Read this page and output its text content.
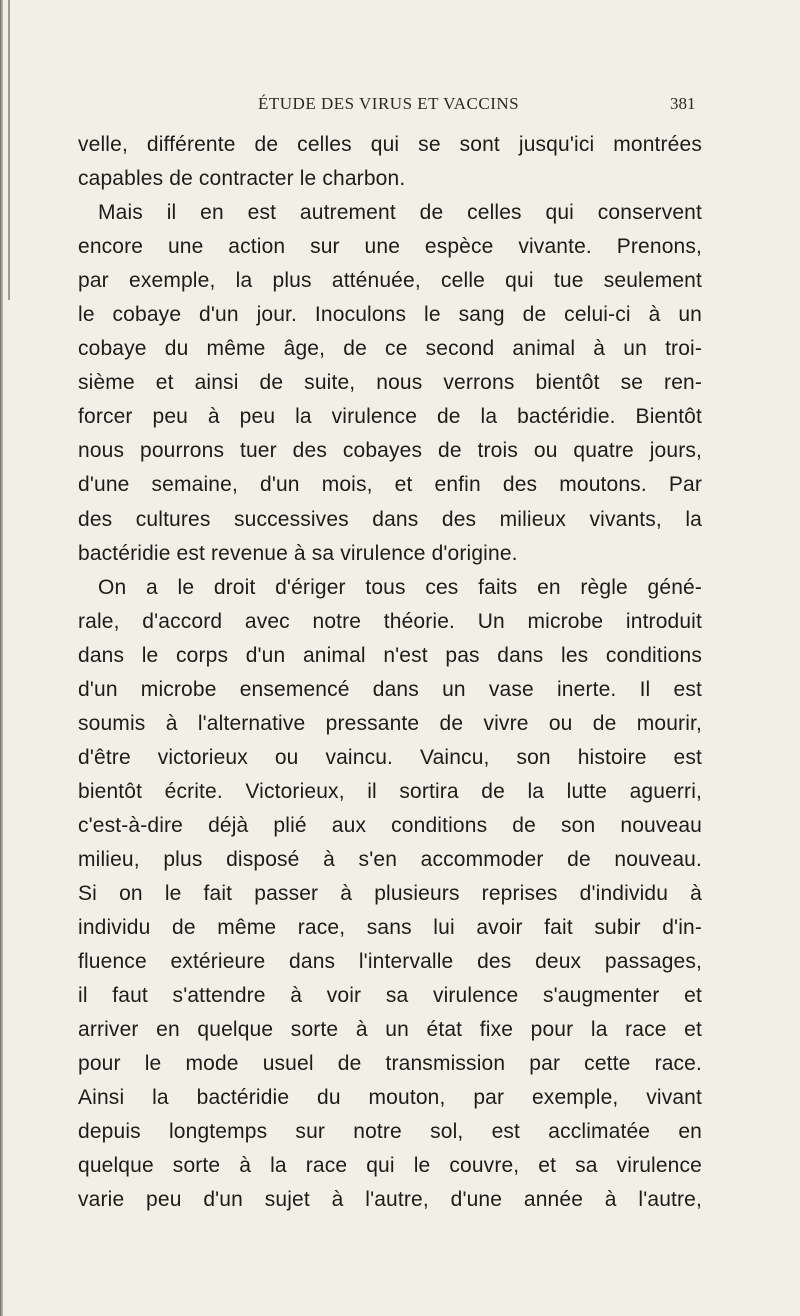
ÉTUDE DES VIRUS ET VACCINS	381
velle, différente de celles qui se sont jusqu'ici montrées
capables de contracter le charbon.
Mais il en est autrement de celles qui conservent
encore une action sur une espèce vivante. Prenons,
par exemple, la plus atténuée, celle qui tue seulement
le cobaye d'un jour. Inoculons le sang de celui-ci à un
cobaye du même âge, de ce second animal à un troi-
sième et ainsi de suite, nous verrons bientôt se ren-
forcer peu à peu la virulence de la bactéridie. Bientôt
nous pourrons tuer des cobayes de trois ou quatre jours,
d'une semaine, d'un mois, et enfin des moutons. Par
des cultures successives dans des milieux vivants, la
bactéridie est revenue à sa virulence d'origine.
On a le droit d'ériger tous ces faits en règle géné-
rale, d'accord avec notre théorie. Un microbe introduit
dans le corps d'un animal n'est pas dans les conditions
d'un microbe ensemencé dans un vase inerte. Il est
soumis à l'alternative pressante de vivre ou de mourir,
d'être victorieux ou vaincu. Vaincu, son histoire est
bientôt écrite. Victorieux, il sortira de la lutte aguerri,
c'est-à-dire déjà plié aux conditions de son nouveau
milieu, plus disposé à s'en accommoder de nouveau.
Si on le fait passer à plusieurs reprises d'individu à
individu de même race, sans lui avoir fait subir d'in-
fluence extérieure dans l'intervalle des deux passages,
il faut s'attendre à voir sa virulence s'augmenter et
arriver en quelque sorte à un état fixe pour la race et
pour le mode usuel de transmission par cette race.
Ainsi la bactéridie du mouton, par exemple, vivant
depuis longtemps sur notre sol, est acclimatée en
quelque sorte à la race qui le couvre, et sa virulence
varie peu d'un sujet à l'autre, d'une année à l'autre,
